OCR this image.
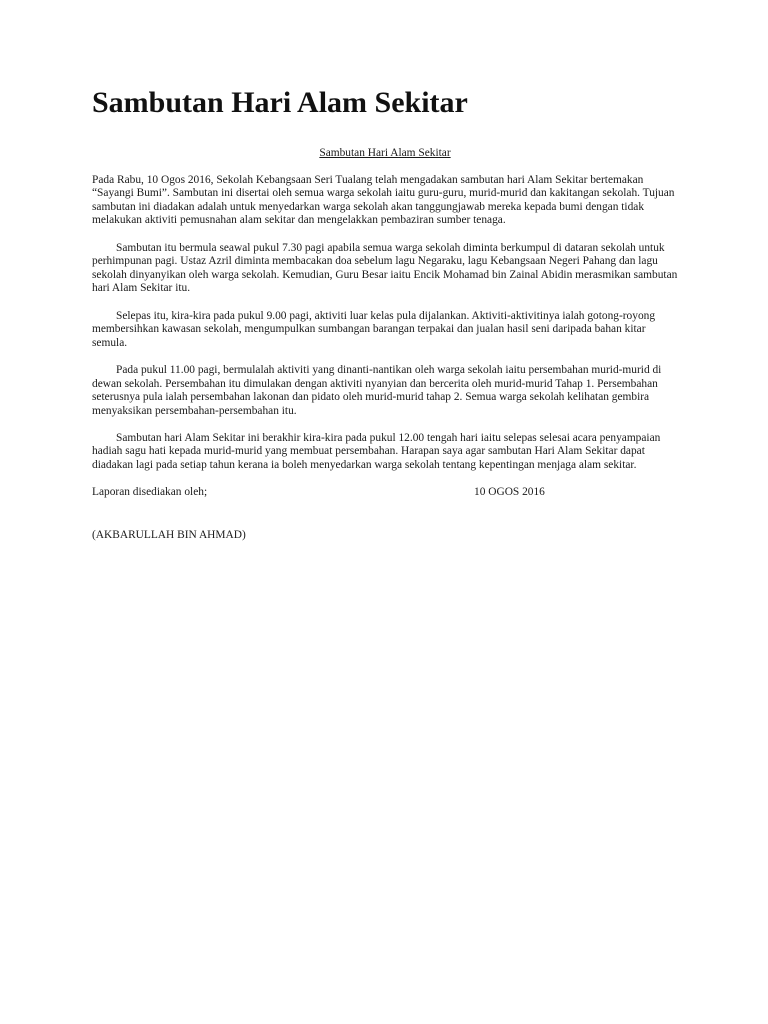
Sambutan Hari Alam Sekitar

Sambutan Hari Alam Sekitar

Pada Rabu, 10 Ogos 2016, Sekolah Kebangsaan Seri Tualang telah mengadakan sambutan hari Alam Sekitar bertemakan “Sayangi Bumi”. Sambutan ini disertai oleh semua warga sekolah iaitu guru-guru, murid-murid dan kakitangan sekolah. Tujuan sambutan ini diadakan adalah untuk menyedarkan warga sekolah akan tanggungjawab mereka kepada bumi dengan tidak melakukan aktiviti pemusnahan alam sekitar dan mengelakkan pembaziran sumber tenaga.

Sambutan itu bermula seawal pukul 7.30 pagi apabila semua warga sekolah diminta berkumpul di dataran sekolah untuk perhimpunan pagi. Ustaz Azril diminta membacakan doa sebelum lagu Negaraku, lagu Kebangsaan Negeri Pahang dan lagu sekolah dinyanyikan oleh warga sekolah. Kemudian, Guru Besar iaitu Encik Mohamad bin Zainal Abidin merasmikan sambutan hari Alam Sekitar itu.

Selepas itu, kira-kira pada pukul 9.00 pagi, aktiviti luar kelas pula dijalankan. Aktiviti-aktivitinya ialah gotong-royong membersihkan kawasan sekolah, mengumpulkan sumbangan barangan terpakai dan jualan hasil seni daripada bahan kitar semula.

Pada pukul 11.00 pagi, bermulalah aktiviti yang dinanti-nantikan oleh warga sekolah iaitu persembahan murid-murid di dewan sekolah. Persembahan itu dimulakan dengan aktiviti nyanyian dan bercerita oleh murid-murid Tahap 1. Persembahan seterusnya pula ialah persembahan lakonan dan pidato oleh murid-murid tahap 2. Semua warga sekolah kelihatan gembira menyaksikan persembahan-persembahan itu.

Sambutan hari Alam Sekitar ini berakhir kira-kira pada pukul 12.00 tengah hari iaitu selepas selesai acara penyampaian hadiah sagu hati kepada murid-murid yang membuat persembahan. Harapan saya agar sambutan Hari Alam Sekitar dapat diadakan lagi pada setiap tahun kerana ia boleh menyedarkan warga sekolah tentang kepentingan menjaga alam sekitar.

Laporan disediakan oleh;	10 OGOS 2016
(AKBARULLAH BIN AHMAD)
